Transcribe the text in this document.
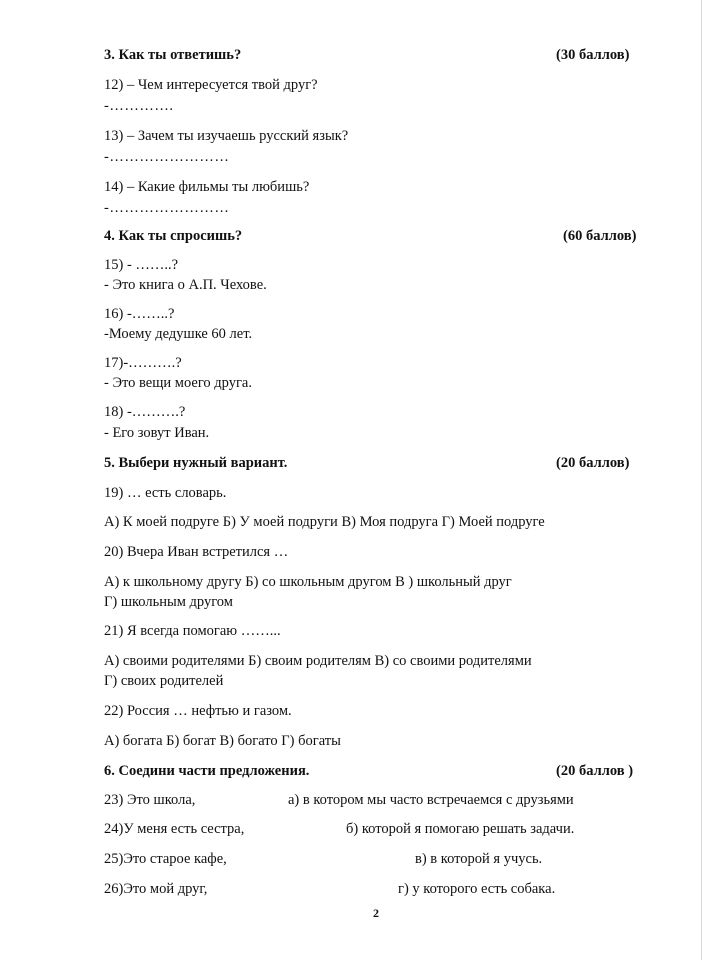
3. Как ты ответишь?	(30 баллов)
12) – Чем интересуется твой друг?
-………….
13) – Зачем ты изучаешь русский язык?
-……………………
14) – Какие фильмы ты любишь?
-……………………
4. Как ты спросишь?	(60 баллов)
15) - ……..?
- Это книга о А.П. Чехове.
16) -……..?
-Моему дедушке 60 лет.
17)-……….?
- Это вещи моего друга.
18) -……….?
- Его зовут Иван.
5. Выбери нужный вариант.	(20 баллов)
19) … есть словарь.
А) К моей подруге Б) У моей подруги В) Моя подруга Г) Моей подруге
20) Вчера Иван встретился …
А) к школьному другу Б) со школьным другом В ) школьный друг
Г) школьным другом
21) Я всегда помогаю ……...
А) своими родителями Б) своим родителям В) со своими родителями
Г) своих родителей
22) Россия … нефтью и газом.
А) богата Б) богат В) богато Г) богаты
6. Соедини части предложения.	(20 баллов )
23) Это школа,	а) в котором мы часто встречаемся с друзьями
24)У меня есть сестра,	б) которой я помогаю решать задачи.
25)Это старое кафе,	в) в которой я учусь.
26)Это мой друг,	г) у которого есть собака.
2
